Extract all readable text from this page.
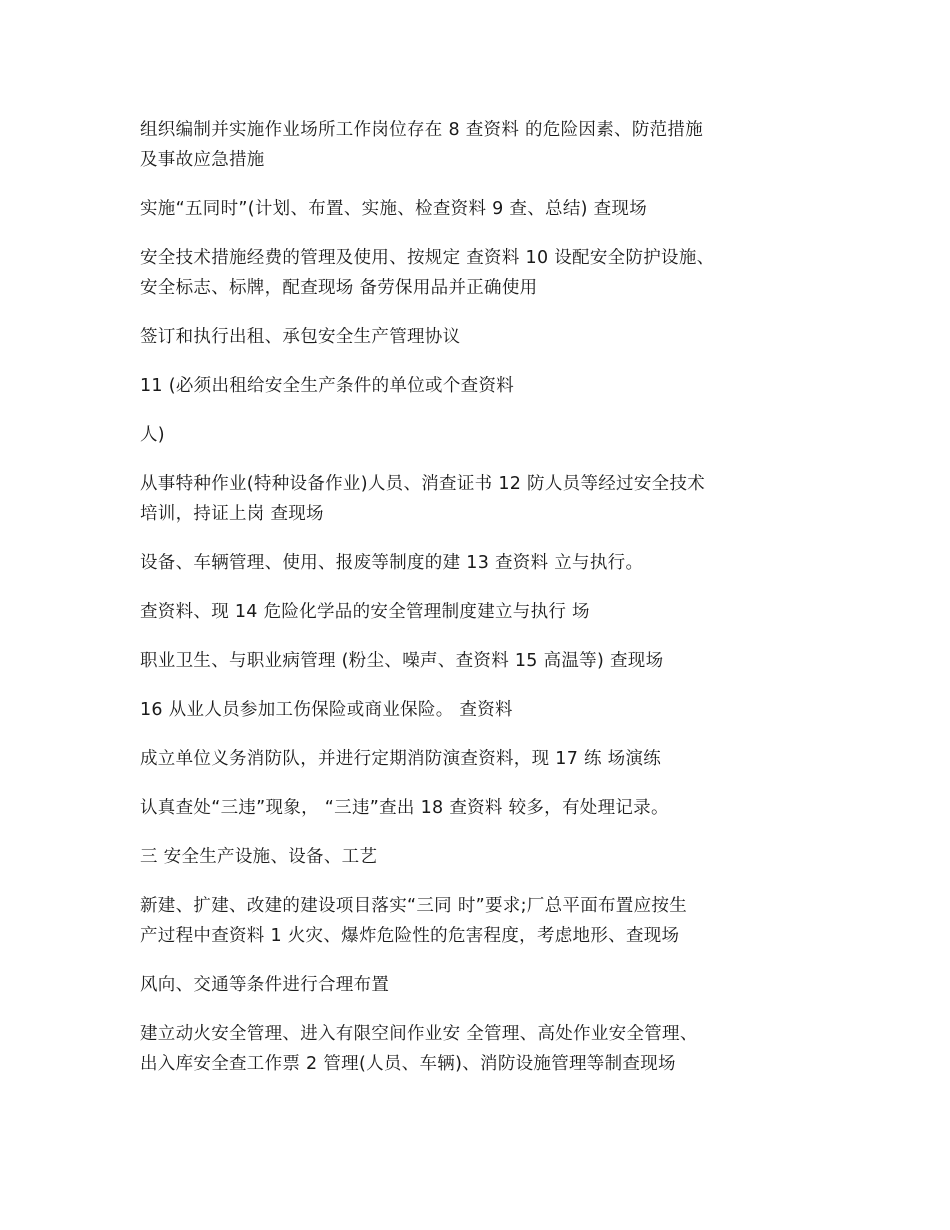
组织编制并实施作业场所工作岗位存在 8 查资料 的危险因素、防范措施
及事故应急措施

实施“五同时”(计划、布置、实施、检查资料 9 查、总结) 查现场

安全技术措施经费的管理及使用、按规定 查资料 10 设配安全防护设施、
安全标志、标牌，配查现场 备劳保用品并正确使用

签订和执行出租、承包安全生产管理协议

11 (必须出租给安全生产条件的单位或个查资料

人)

从事特种作业(特种设备作业)人员、消查证书 12 防人员等经过安全技术
培训，持证上岗 查现场

设备、车辆管理、使用、报废等制度的建 13 查资料 立与执行。

查资料、现 14 危险化学品的安全管理制度建立与执行 场

职业卫生、与职业病管理 (粉尘、噪声、查资料 15 高温等) 查现场

16 从业人员参加工伤保险或商业保险。 查资料

成立单位义务消防队，并进行定期消防演查资料，现 17 练 场演练

认真查处“三违”现象， “三违”查出 18 查资料 较多，有处理记录。

三 安全生产设施、设备、工艺

新建、扩建、改建的建设项目落实“三同 时”要求;厂总平面布置应按生
产过程中查资料 1 火灾、爆炸危险性的危害程度，考虑地形、查现场

风向、交通等条件进行合理布置

建立动火安全管理、进入有限空间作业安 全管理、高处作业安全管理、
出入库安全查工作票 2 管理(人员、车辆)、消防设施管理等制查现场
